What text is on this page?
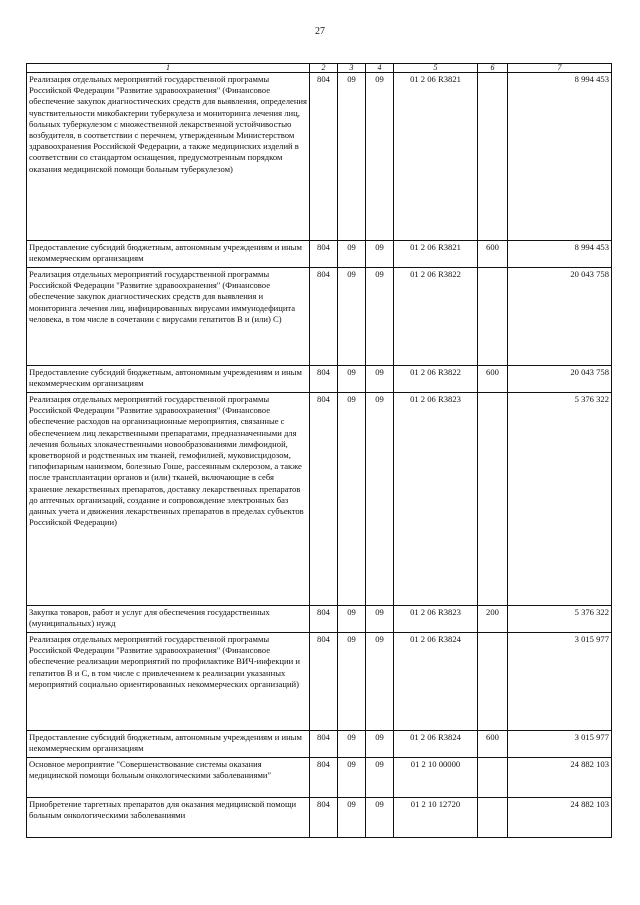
27
1	2	3	4	5	6	7
Реализация отдельных мероприятий государственной программы Российской Федерации "Развитие здравоохранения" (Финансовое обеспечение закупок диагностических средств для выявления, определения чувствительности микобактерии туберкулеза и мониторинга лечения лиц, больных туберкулезом с множественной лекарственной устойчивостью возбудителя, в соответствии с перечнем, утвержденным Министерством здравоохранения Российской Федерации, а также медицинских изделий в соответствии со стандартом оснащения, предусмотренным порядком оказания медицинской помощи больным туберкулезом)	804	09	09	01 2 06 R3821		8 994 453
Предоставление субсидий бюджетным, автономным учреждениям и иным некоммерческим организациям	804	09	09	01 2 06 R3821	600	8 994 453
Реализация отдельных мероприятий государственной программы Российской Федерации "Развитие здравоохранения" (Финансовое обеспечение закупок диагностических средств для выявления и мониторинга лечения лиц, инфицированных вирусами иммунодефицита человека, в том числе в сочетании с вирусами гепатитов В и (или) С)	804	09	09	01 2 06 R3822		20 043 758
Предоставление субсидий бюджетным, автономным учреждениям и иным некоммерческим организациям	804	09	09	01 2 06 R3822	600	20 043 758
Реализация отдельных мероприятий государственной программы Российской Федерации "Развитие здравоохранения" (Финансовое обеспечение расходов на организационные мероприятия, связанные с обеспечением лиц лекарственными препаратами, предназначенными для лечения больных злокачественными новообразованиями лимфоидной, кроветворной и родственных им тканей, гемофилией, муковисцидозом, гипофизарным нанизмом, болезнью Гоше, рассеянным склерозом, а также после трансплантации органов и (или) тканей, включающие в себя хранение лекарственных препаратов, доставку лекарственных препаратов до аптечных организаций, создание и сопровождение электронных баз данных учета и движения лекарственных препаратов в пределах субъектов Российской Федерации)	804	09	09	01 2 06 R3823		5 376 322
Закупка товаров, работ и услуг для обеспечения государственных (муниципальных) нужд	804	09	09	01 2 06 R3823	200	5 376 322
Реализация отдельных мероприятий государственной программы Российской Федерации "Развитие здравоохранения" (Финансовое обеспечение реализации мероприятий по профилактике ВИЧ-инфекции и гепатитов В и С, в том числе с привлечением к реализации указанных мероприятий социально ориентированных некоммерческих организаций)	804	09	09	01 2 06 R3824		3 015 977
Предоставление субсидий бюджетным, автономным учреждениям и иным некоммерческим организациям	804	09	09	01 2 06 R3824	600	3 015 977
Основное мероприятие "Совершенствование системы оказания медицинской помощи больным онкологическими заболеваниями"	804	09	09	01 2 10 00000		24 882 103
Приобретение таргетных препаратов для оказания медицинской помощи больным онкологическими заболеваниями	804	09	09	01 2 10 12720		24 882 103
